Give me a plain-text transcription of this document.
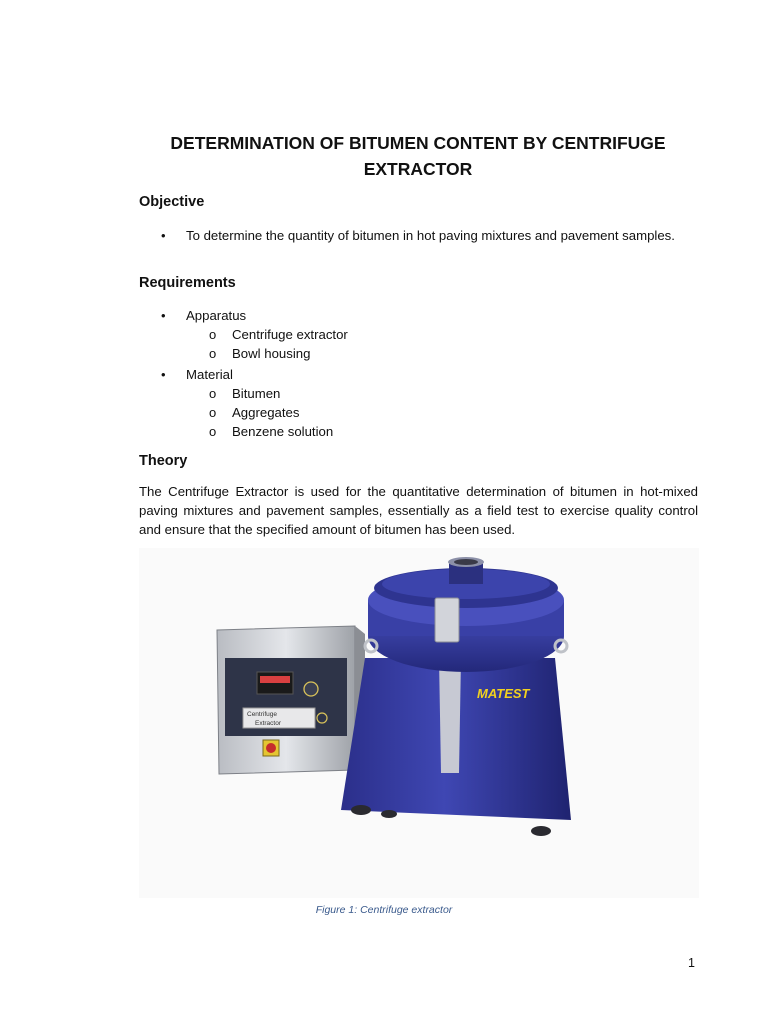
DETERMINATION OF BITUMEN CONTENT BY CENTRIFUGE EXTRACTOR
Objective
• To determine the quantity of bitumen in hot paving mixtures and pavement samples.
Requirements
• Apparatus
o Centrifuge extractor
o Bowl housing
• Material
o Bitumen
o Aggregates
o Benzene solution
Theory

The Centrifuge Extractor is used for the quantitative determination of bitumen in hot-mixed paving mixtures and pavement samples, essentially as a field test to exercise quality control and ensure that the specified amount of bitumen has been used.

Centrifuge
Extractor
MATEST
Figure 1: Centrifuge extractor
1
